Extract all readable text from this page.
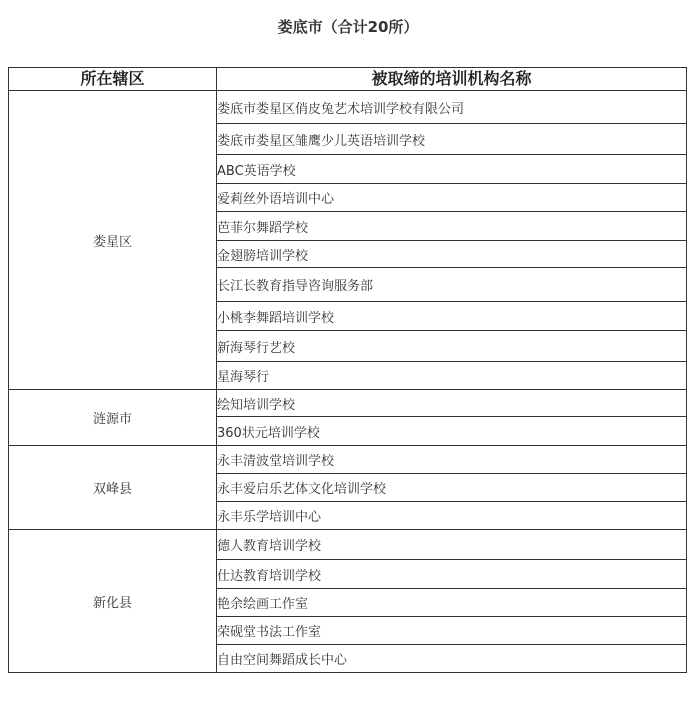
娄底市（合计20所）
所在辖区	被取缔的培训机构名称
娄星区	娄底市娄星区俏皮兔艺术培训学校有限公司
	娄底市娄星区雏鹰少儿英语培训学校
	ABC英语学校
	爱莉丝外语培训中心
	芭菲尔舞蹈学校
	金翅膀培训学校
	长江长教育指导咨询服务部
	小桃李舞蹈培训学校
	新海琴行艺校
	星海琴行
涟源市	绘知培训学校
	360状元培训学校
双峰县	永丰清波堂培训学校
	永丰爱启乐艺体文化培训学校
	永丰乐学培训中心
新化县	德人教育培训学校
	仕达教育培训学校
	艳余绘画工作室
	荣砚堂书法工作室
	自由空间舞蹈成长中心
